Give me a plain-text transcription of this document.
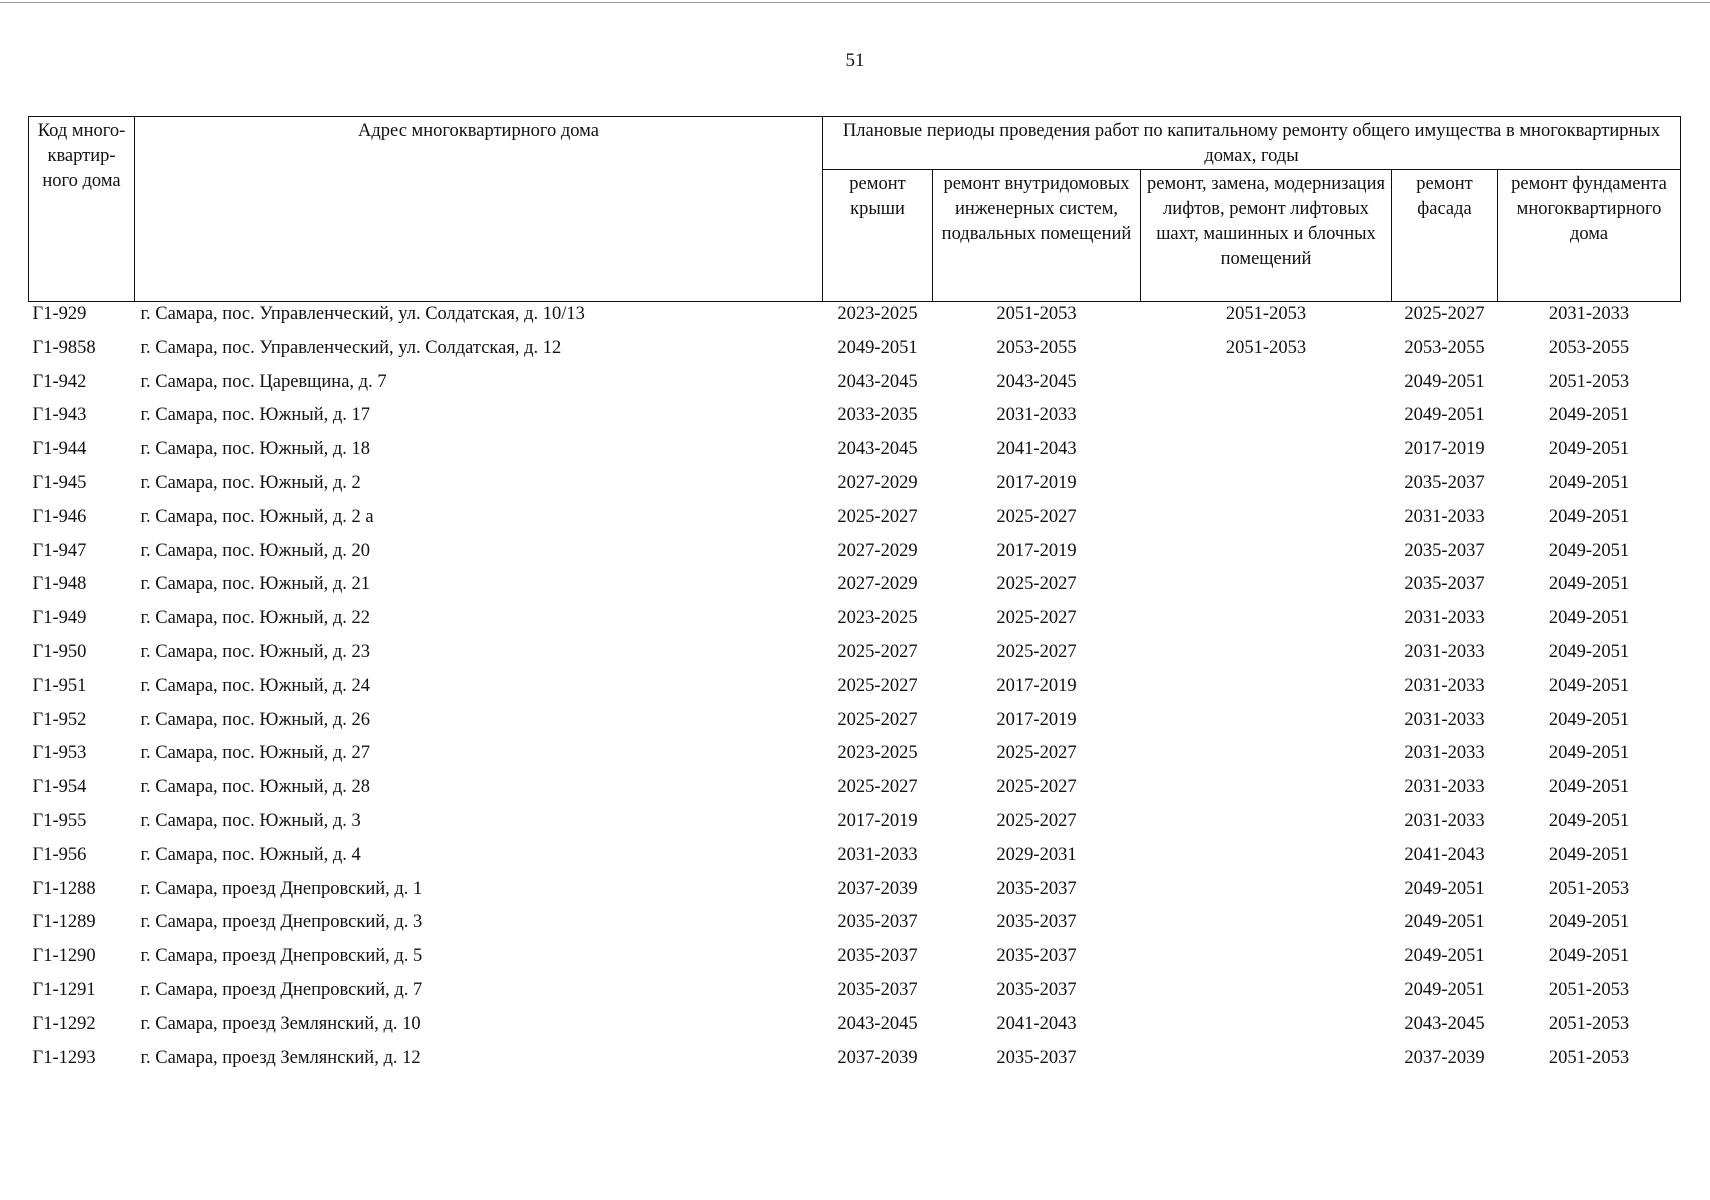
51
Код много-квартир-ного дома	Адрес многоквартирного дома	Плановые периоды проведения работ по капитальному ремонту общего имущества в многоквартирных домах, годы				
		ремонт крыши	ремонт внутридомовых инженерных систем, подвальных помещений	ремонт, замена, модернизация лифтов, ремонт лифтовых шахт, машинных и блочных помещений	ремонт фасада	ремонт фундамента многоквартирного дома
Г1-929	г. Самара, пос. Управленческий, ул. Солдатская, д. 10/13	2023-2025	2051-2053	2051-2053	2025-2027	2031-2033
Г1-9858	г. Самара, пос. Управленческий, ул. Солдатская, д. 12	2049-2051	2053-2055	2051-2053	2053-2055	2053-2055
Г1-942	г. Самара, пос. Царевщина, д. 7	2043-2045	2043-2045		2049-2051	2051-2053
Г1-943	г. Самара, пос. Южный, д. 17	2033-2035	2031-2033		2049-2051	2049-2051
Г1-944	г. Самара, пос. Южный, д. 18	2043-2045	2041-2043		2017-2019	2049-2051
Г1-945	г. Самара, пос. Южный, д. 2	2027-2029	2017-2019		2035-2037	2049-2051
Г1-946	г. Самара, пос. Южный, д. 2 а	2025-2027	2025-2027		2031-2033	2049-2051
Г1-947	г. Самара, пос. Южный, д. 20	2027-2029	2017-2019		2035-2037	2049-2051
Г1-948	г. Самара, пос. Южный, д. 21	2027-2029	2025-2027		2035-2037	2049-2051
Г1-949	г. Самара, пос. Южный, д. 22	2023-2025	2025-2027		2031-2033	2049-2051
Г1-950	г. Самара, пос. Южный, д. 23	2025-2027	2025-2027		2031-2033	2049-2051
Г1-951	г. Самара, пос. Южный, д. 24	2025-2027	2017-2019		2031-2033	2049-2051
Г1-952	г. Самара, пос. Южный, д. 26	2025-2027	2017-2019		2031-2033	2049-2051
Г1-953	г. Самара, пос. Южный, д. 27	2023-2025	2025-2027		2031-2033	2049-2051
Г1-954	г. Самара, пос. Южный, д. 28	2025-2027	2025-2027		2031-2033	2049-2051
Г1-955	г. Самара, пос. Южный, д. 3	2017-2019	2025-2027		2031-2033	2049-2051
Г1-956	г. Самара, пос. Южный, д. 4	2031-2033	2029-2031		2041-2043	2049-2051
Г1-1288	г. Самара, проезд Днепровский, д. 1	2037-2039	2035-2037		2049-2051	2051-2053
Г1-1289	г. Самара, проезд Днепровский, д. 3	2035-2037	2035-2037		2049-2051	2049-2051
Г1-1290	г. Самара, проезд Днепровский, д. 5	2035-2037	2035-2037		2049-2051	2049-2051
Г1-1291	г. Самара, проезд Днепровский, д. 7	2035-2037	2035-2037		2049-2051	2051-2053
Г1-1292	г. Самара, проезд Землянский, д. 10	2043-2045	2041-2043		2043-2045	2051-2053
Г1-1293	г. Самара, проезд Землянский, д. 12	2037-2039	2035-2037		2037-2039	2051-2053
